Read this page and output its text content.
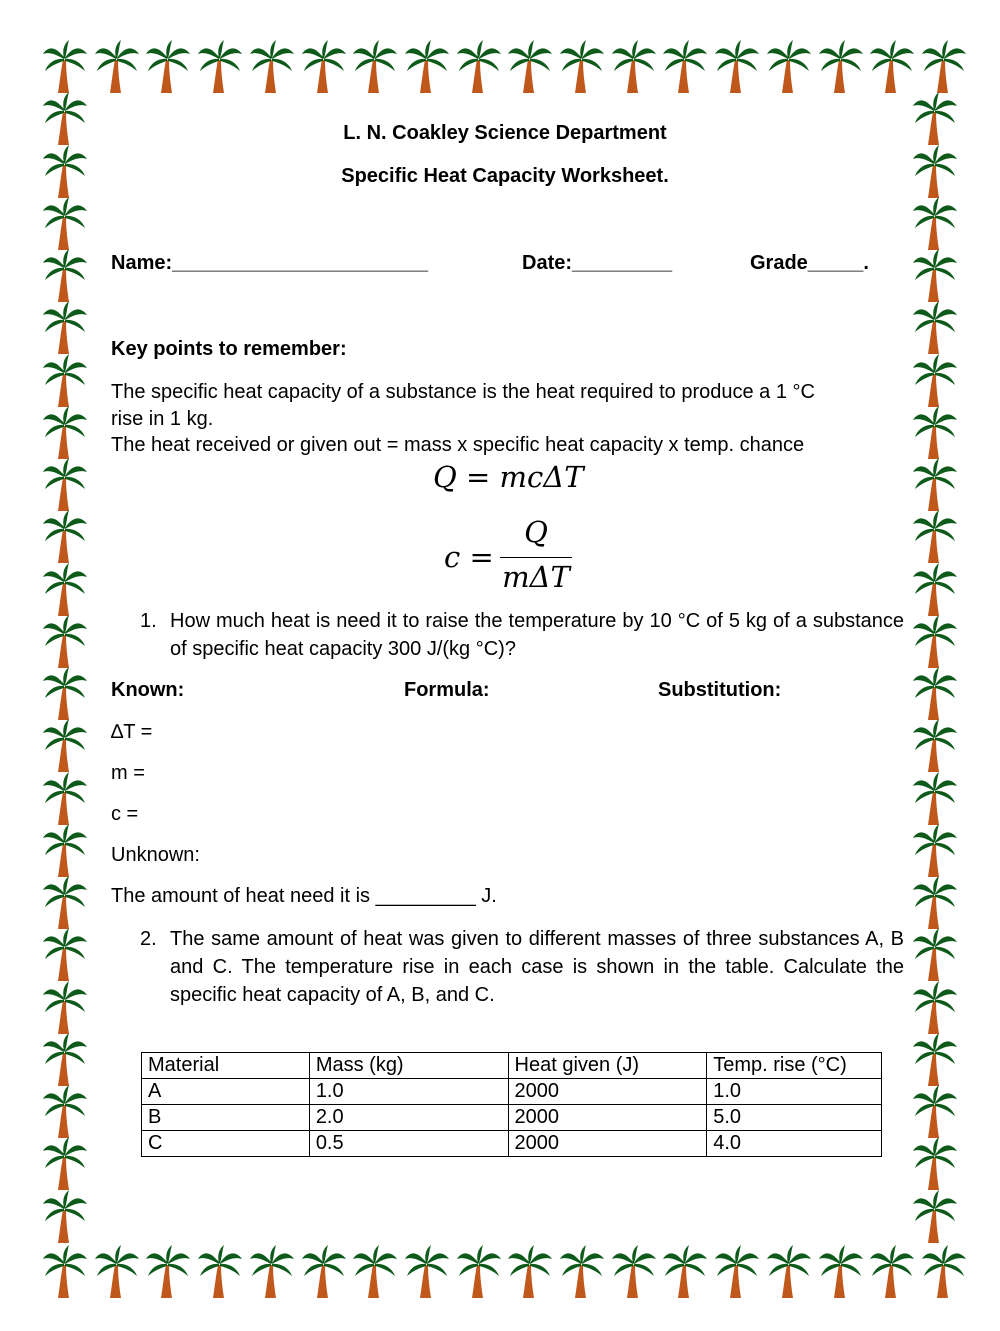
L. N. Coakley Science Department
Specific Heat Capacity Worksheet.
Name:_______________________	Date:_________	Grade_____.
Key points to remember:
The specific heat capacity of a substance is the heat required to produce a 1 °C
rise in 1 kg.
The heat received or given out = mass x specific heat capacity x temp. chance
Q = mcΔT
c =
Q
mΔT
1. How much heat is need it to raise the temperature by 10 °C of 5 kg of a substance of specific heat capacity 300 J/(kg °C)?
Known:	Formula:	Substitution:
∆T =
m =
c =
Unknown:
The amount of heat need it is _________ J.
2. The same amount of heat was given to different masses of three substances A, B and C. The temperature rise in each case is shown in the table. Calculate the specific heat capacity of A, B, and C.
Material	Mass (kg)	Heat given (J)	Temp. rise (°C)
A	1.0	2000	1.0
B	2.0	2000	5.0
C	0.5	2000	4.0
